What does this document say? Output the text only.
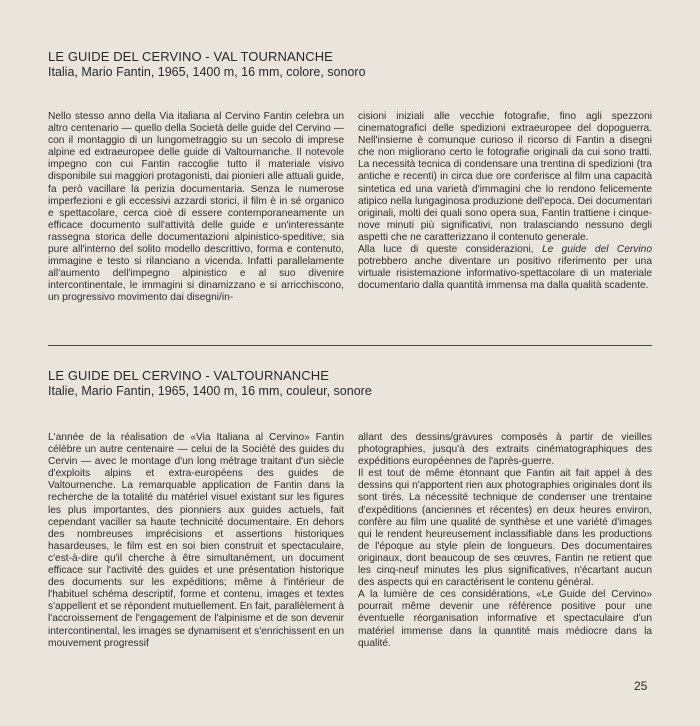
LE GUIDE DEL CERVINO - VAL TOURNANCHE
Italia, Mario Fantin, 1965, 1400 m, 16 mm, colore, sonoro

Nello stesso anno della Via italiana al Cervino Fantin celebra un altro centenario — quello della Società delle guide del Cervino — con il montaggio di un lungometraggio su un secolo di imprese alpine ed extraeuropee delle guide di Valtournanche. Il notevole impegno con cui Fantin raccoglie tutto il materiale visivo disponibile sui maggiori protagonisti, dai pionieri alle attuali guide, fa però vacillare la perizia documentaria. Senza le numerose imperfezioni e gli eccessivi azzardi storici, il film è in sé organico e spettacolare, cerca cioè di essere contemporaneamente un efficace documento sull'attività delle guide e un'interessante rassegna storica delle documentazioni alpinistico-speditive; sia pure all'interno del solito modello descrittivo, forma e contenuto, immagine e testo si rilanciano a vicenda. Infatti parallelamente all'aumento dell'impegno alpinistico e al suo divenire intercontinentale, le immagini si dinamizzano e si arricchiscono, un progressivo movimento dai disegni/in-

cisioni iniziali alle vecchie fotografie, fino agli spezzoni cinematografici delle spedizioni extraeuropee del dopoguerra. Nell'insieme è comunque curioso il ricorso di Fantin a disegni che non migliorano certo le fotografie originali da cui sono tratti. La necessità tecnica di condensare una trentina di spedizioni (tra antiche e recenti) in circa due ore conferisce al film una capacità sintetica ed una varietà d'immagini che lo rendono felicemente atipico nella lungaginosa produzione dell'epoca. Dei documentari originali, molti dei quali sono opera sua, Fantin trattiene i cinque-nove minuti più significativi, non tralasciando nessuno degli aspetti che ne caratterizzano il contenuto generale.

Alla luce di queste considerazioni, Le guide del Cervino potrebbero anche diventare un positivo riferimento per una virtuale risistemazione informativo-spettacolare di un materiale documentario dalla quantità immensa ma dalla qualità scadente.

LE GUIDE DEL CERVINO - VALTOURNANCHE
Italie, Mario Fantin, 1965, 1400 m, 16 mm, couleur, sonore

L'année de la réalisation de «Via Italiana al Cervino» Fantin célèbre un autre centenaire — celui de la Société des guides du Cervin — avec le montage d'un long métrage traitant d'un siècle d'exploits alpins et extra-européens des guides de Valtournenche. La remarquable application de Fantin dans la recherche de la totalité du matériel visuel existant sur les figures les plus importantes, des pionniers aux guides actuels, fait cependant vaciller sa haute technicité documentaire. En dehors des nombreuses imprécisions et assertions historiques hasardeuses, le film est en soi bien construit et spectaculaire, c'est-à-dire qu'il cherche à être simultanément, un document efficace sur l'activité des guides et une présentation historique des documents sur les expéditions; même à l'intérieur de l'habituel schéma descriptif, forme et contenu, images et textes s'appellent et se répondent mutuellement. En fait, parallèlement à l'accroissement de l'engagement de l'alpinisme et de son devenir intercontinental, les images se dynamisent et s'enrichissent en un mouvement progressif

allant des dessins/gravures composés à partir de vieilles photographies, jusqu'à des extraits cinématographiques des expéditions européennes de l'après-guerre.

Il est tout de même étonnant que Fantin ait fait appel à des dessins qui n'apportent rien aux photographies originales dont ils sont tirés. La nécessité technique de condenser une trentaine d'expéditions (anciennes et récentes) en deux heures environ, confère au film une qualité de synthèse et une variété d'images qui le rendent heureusement inclassifiable dans les productions de l'époque au style plein de longueurs. Des documentaires originaux, dont beaucoup de ses œuvres, Fantin ne retient que les cinq-neuf minutes les plus significatives, n'écartant aucun des aspects qui en caractérisent le contenu général.

A la lumière de ces considérations, «Le Guide del Cervino» pourrait même devenir une référence positive pour une éventuelle réorganisation informative et spectaculaire d'un matériel immense dans la quantité mais médiocre dans la qualité.

25
